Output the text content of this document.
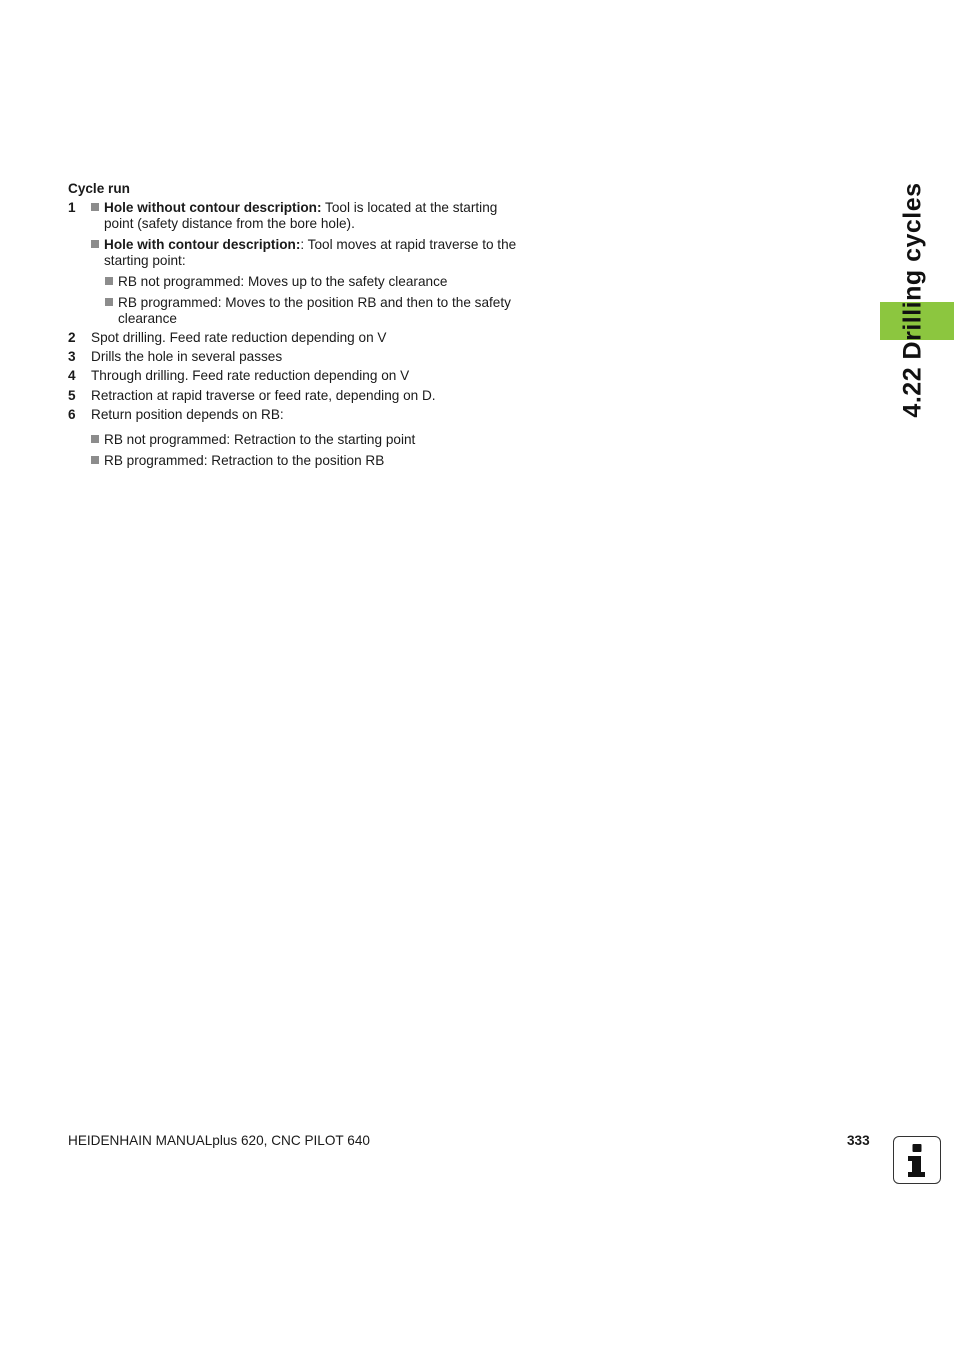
4.22 Drilling cycles
Cycle run
1	Hole without contour description: Tool is located at the starting point (safety distance from the bore hole).
Hole with contour description:: Tool moves at rapid traverse to the starting point:
RB not programmed: Moves up to the safety clearance
RB programmed: Moves to the position RB and then to the safety clearance
2 Spot drilling. Feed rate reduction depending on V
3 Drills the hole in several passes
4 Through drilling. Feed rate reduction depending on V
5 Retraction at rapid traverse or feed rate, depending on D.
6 Return position depends on RB:
RB not programmed: Retraction to the starting point
RB programmed: Retraction to the position RB
HEIDENHAIN MANUALplus 620, CNC PILOT 640	333
